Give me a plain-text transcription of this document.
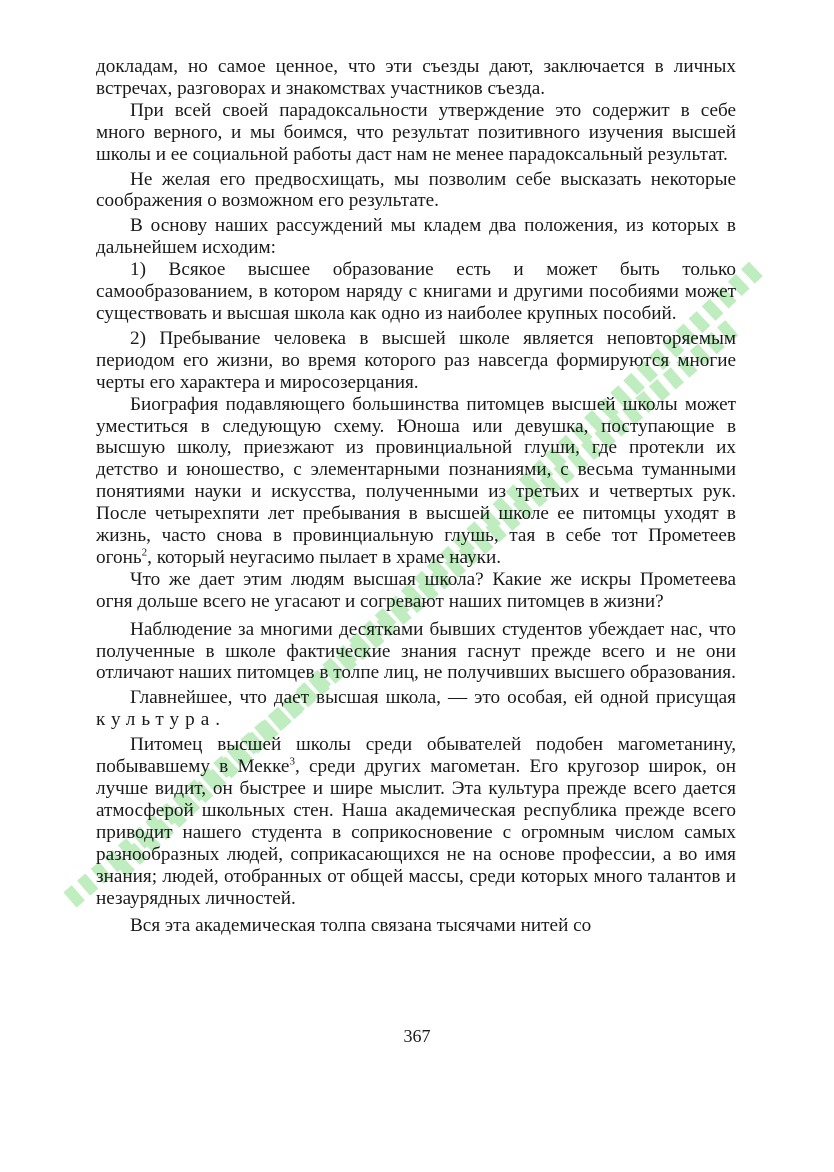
докладам, но самое ценное, что эти съезды дают, заключается в личных встречах, разговорах и знакомствах участников съезда.

При всей своей парадоксальности утверждение это содержит в себе много верного, и мы боимся, что результат позитивного изучения высшей школы и ее социальной работы даст нам не менее парадоксальный результат.

Не желая его предвосхищать, мы позволим себе высказать некоторые соображения о возможном его результате.

В основу наших рассуждений мы кладем два положения, из которых в дальнейшем исходим:

1) Всякое высшее образование есть и может быть только самообразованием, в котором наряду с книгами и другими пособиями может существовать и высшая школа как одно из наиболее крупных пособий.

2) Пребывание человека в высшей школе является неповторяемым периодом его жизни, во время которого раз навсегда формируются многие черты его характера и миросозерцания.

Биография подавляющего большинства питомцев высшей школы может уместиться в следующую схему. Юноша или девушка, поступающие в высшую школу, приезжают из провинциальной глуши, где протекли их детство и юношество, с элементарными познаниями, с весьма туманными понятиями науки и искусства, полученными из третьих и четвертых рук. После четырехпяти лет пребывания в высшей школе ее питомцы уходят в жизнь, часто снова в провинциальную глушь, тая в себе тот Прометеев огонь$^2$, который неугасимо пылает в храме науки.

Что же дает этим людям высшая школа? Какие же искры Прометеева огня дольше всего не угасают и согревают наших питомцев в жизни?

Наблюдение за многими десятками бывших студентов убеждает нас, что полученные в школе фактические знания гаснут прежде всего и не они отличают наших питомцев в толпе лиц, не получивших высшего образования.

Главнейшее, что дает высшая школа, — это особая, ей одной присущая культура.

Питомец высшей школы среди обывателей подобен магометанину, побывавшему в Мекке$^3$, среди других магометан. Его кругозор широк, он лучше видит, он быстрее и шире мыслит. Эта культура прежде всего дается атмосферой школьных стен. Наша академическая республика прежде всего приводит нашего студента в соприкосновение с огромным числом самых разнообразных людей, соприкасающихся не на основе профессии, а во имя знания; людей, отобранных от общей массы, среди которых много талантов и незаурядных личностей.

Вся эта академическая толпа связана тысячами нитей со

367
